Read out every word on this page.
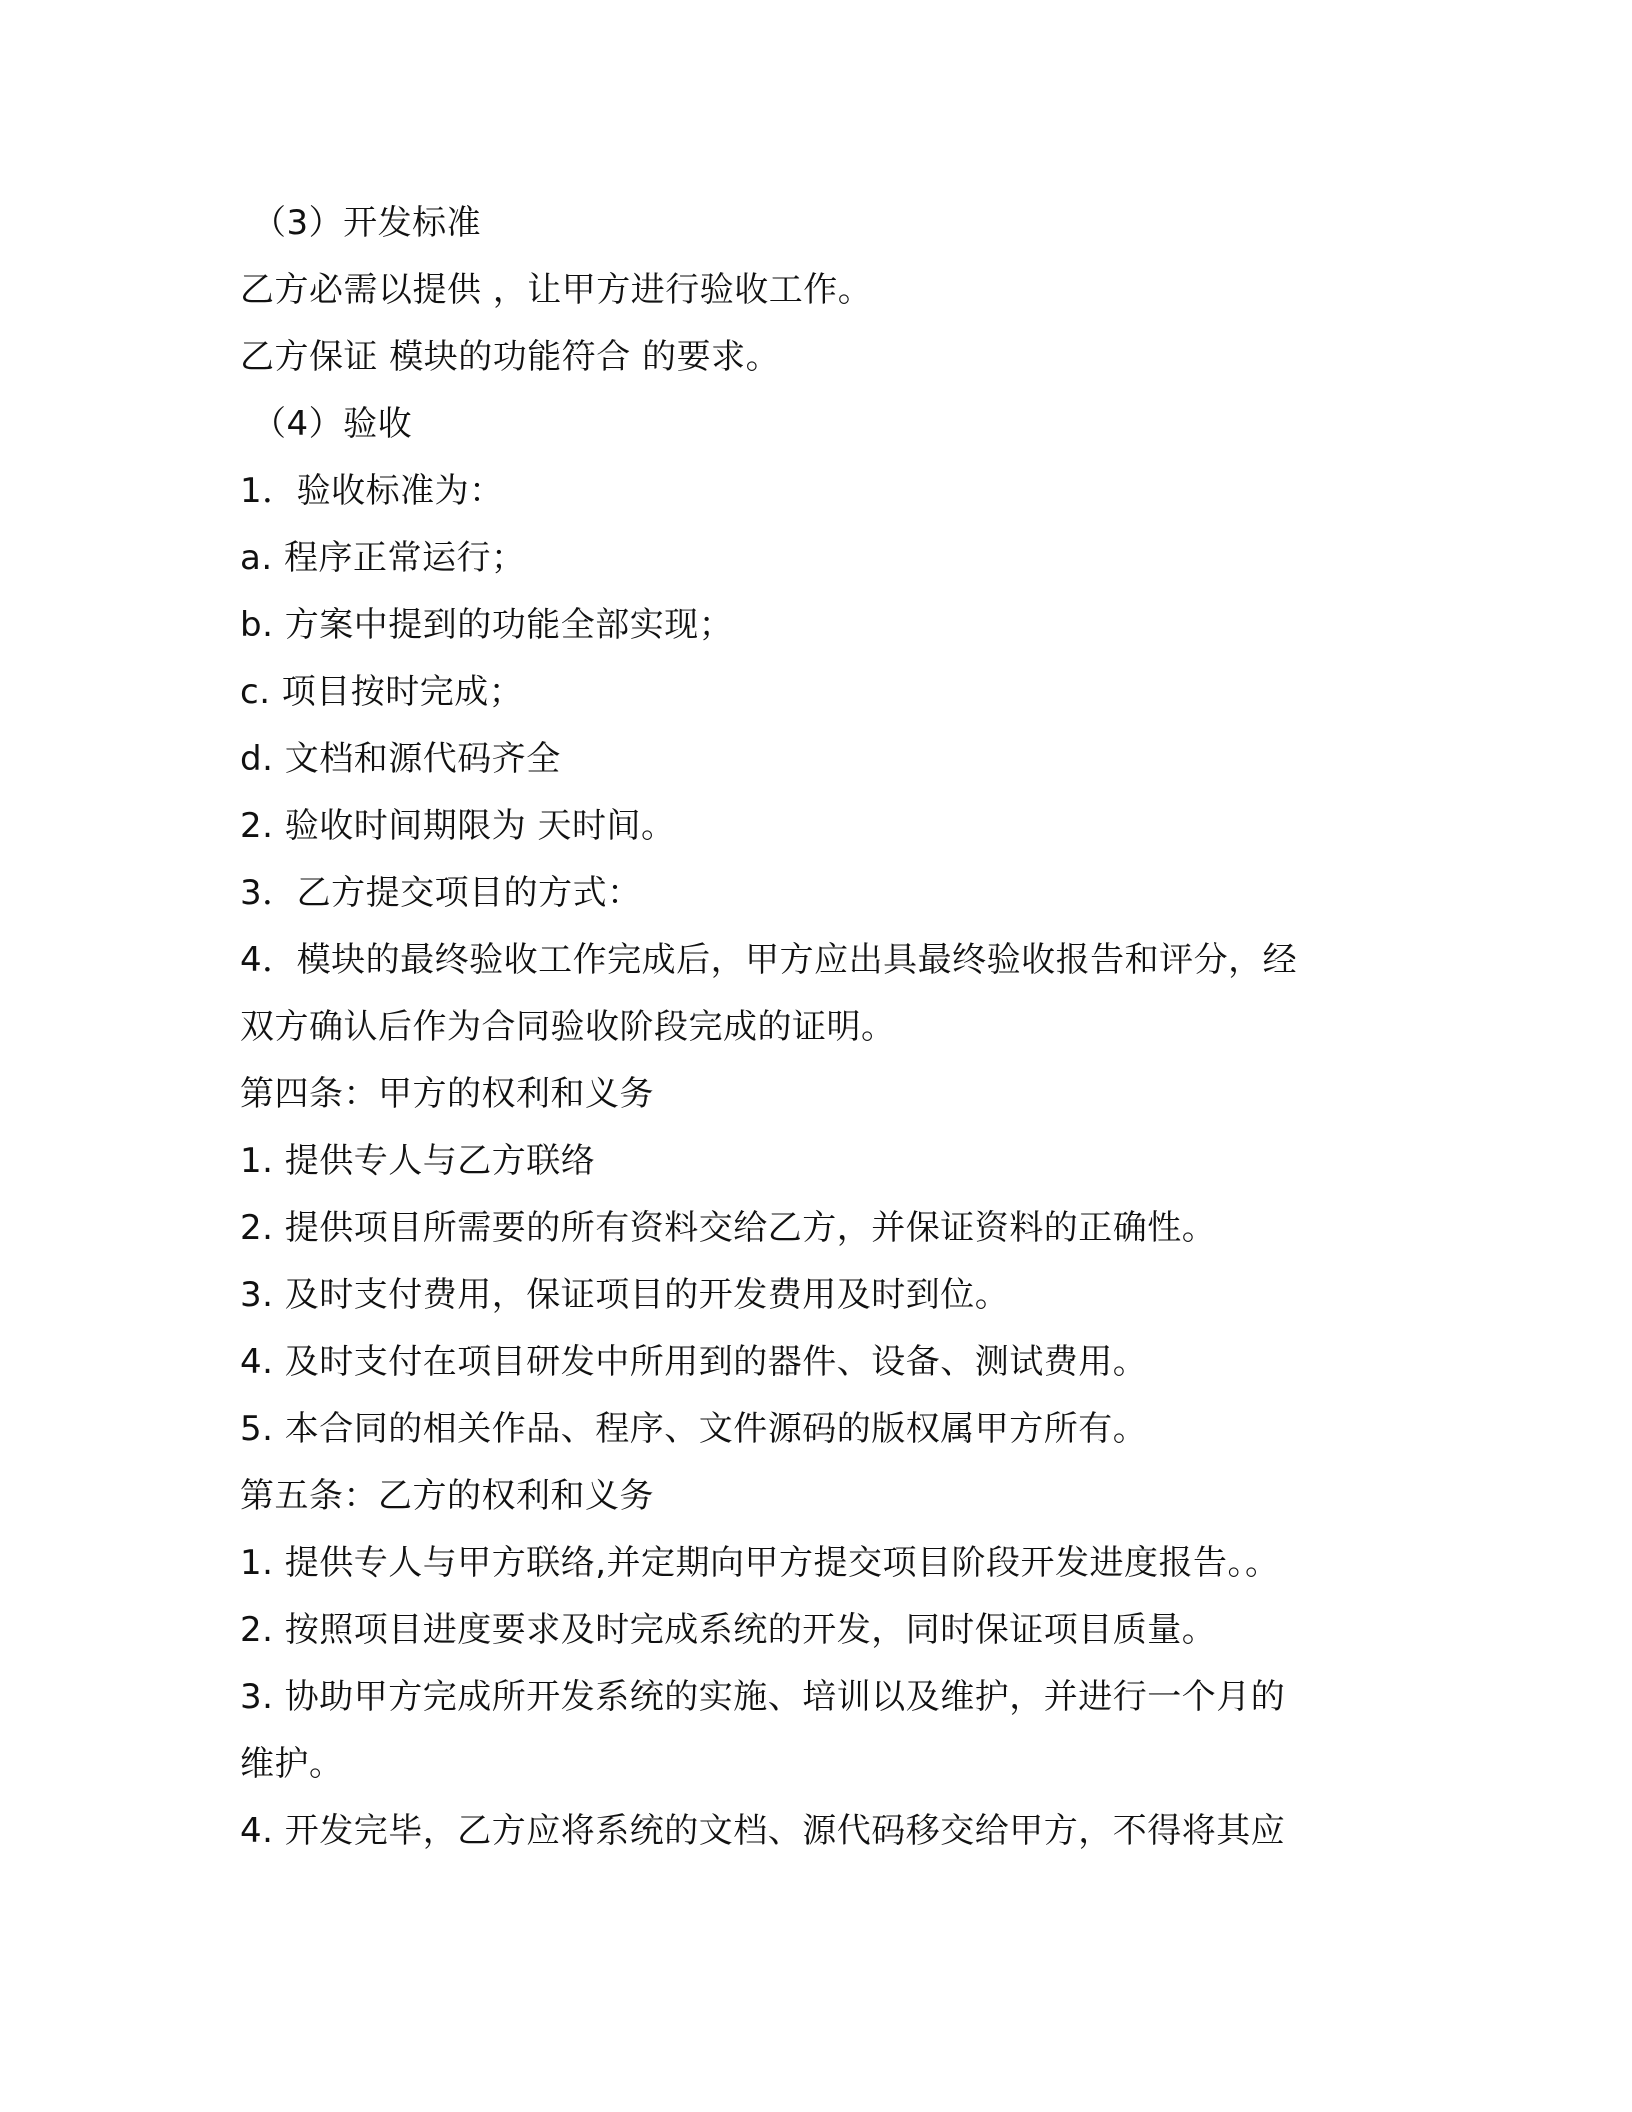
（3）开发标准
乙方必需以提供 ，让甲方进行验收工作。
乙方保证 模块的功能符合 的要求。
（4）验收
1．验收标准为：
a. 程序正常运行；
b. 方案中提到的功能全部实现；
c. 项目按时完成；
d. 文档和源代码齐全
2. 验收时间期限为 天时间。
3．乙方提交项目的方式：
4．模块的最终验收工作完成后，甲方应出具最终验收报告和评分，经
双方确认后作为合同验收阶段完成的证明。
第四条：甲方的权利和义务
1. 提供专人与乙方联络
2. 提供项目所需要的所有资料交给乙方，并保证资料的正确性。
3. 及时支付费用，保证项目的开发费用及时到位。
4. 及时支付在项目研发中所用到的器件、设备、测试费用。
5. 本合同的相关作品、程序、文件源码的版权属甲方所有。
第五条：乙方的权利和义务
1. 提供专人与甲方联络,并定期向甲方提交项目阶段开发进度报告。。
2. 按照项目进度要求及时完成系统的开发，同时保证项目质量。
3. 协助甲方完成所开发系统的实施、培训以及维护，并进行一个月的
维护。
4. 开发完毕，乙方应将系统的文档、源代码移交给甲方，不得将其应
